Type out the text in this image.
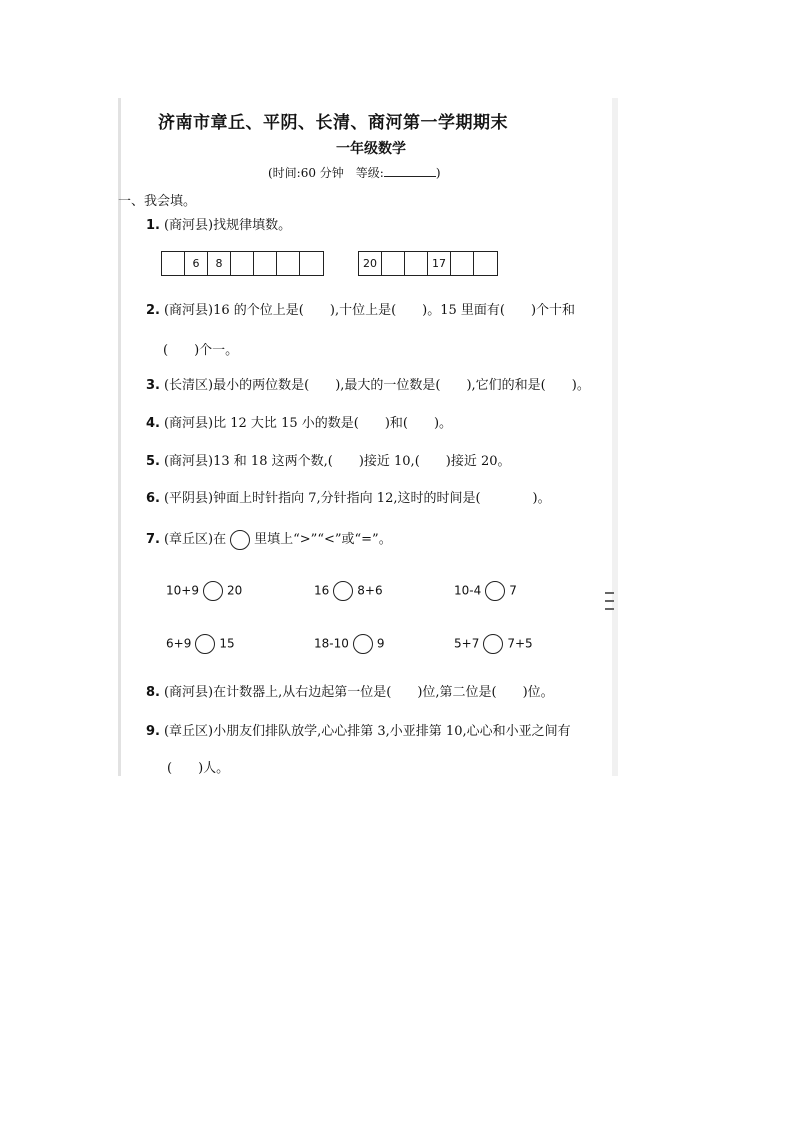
济南市章丘、平阴、长清、商河第一学期期末
一年级数学
(时间:60 分钟　等级:	)
一、我会填。
1. (商河县)找规律填数。
6	8	20	17
2. (商河县)16 的个位上是(　　),十位上是(　　)。15 里面有(　　)个十和
(　　)个一。
3. (长清区)最小的两位数是(　　),最大的一位数是(　　),它们的和是(　　)。
4. (商河县)比 12 大比 15 小的数是(　　)和(　　)。
5. (商河县)13 和 18 这两个数,(　　)接近 10,(　　)接近 20。
6. (平阴县)钟面上时针指向 7,分针指向 12,这时的时间是(　　　　)。
7. (章丘区)在 里填上“>”“<”或“=”。
10+9 20	16 8+6	10-4 7
6+9 15	18-10 9	5+7 7+5
8. (商河县)在计数器上,从右边起第一位是(　　)位,第二位是(　　)位。
9. (章丘区)小朋友们排队放学,心心排第 3,小亚排第 10,心心和小亚之间有
(　　)人。
